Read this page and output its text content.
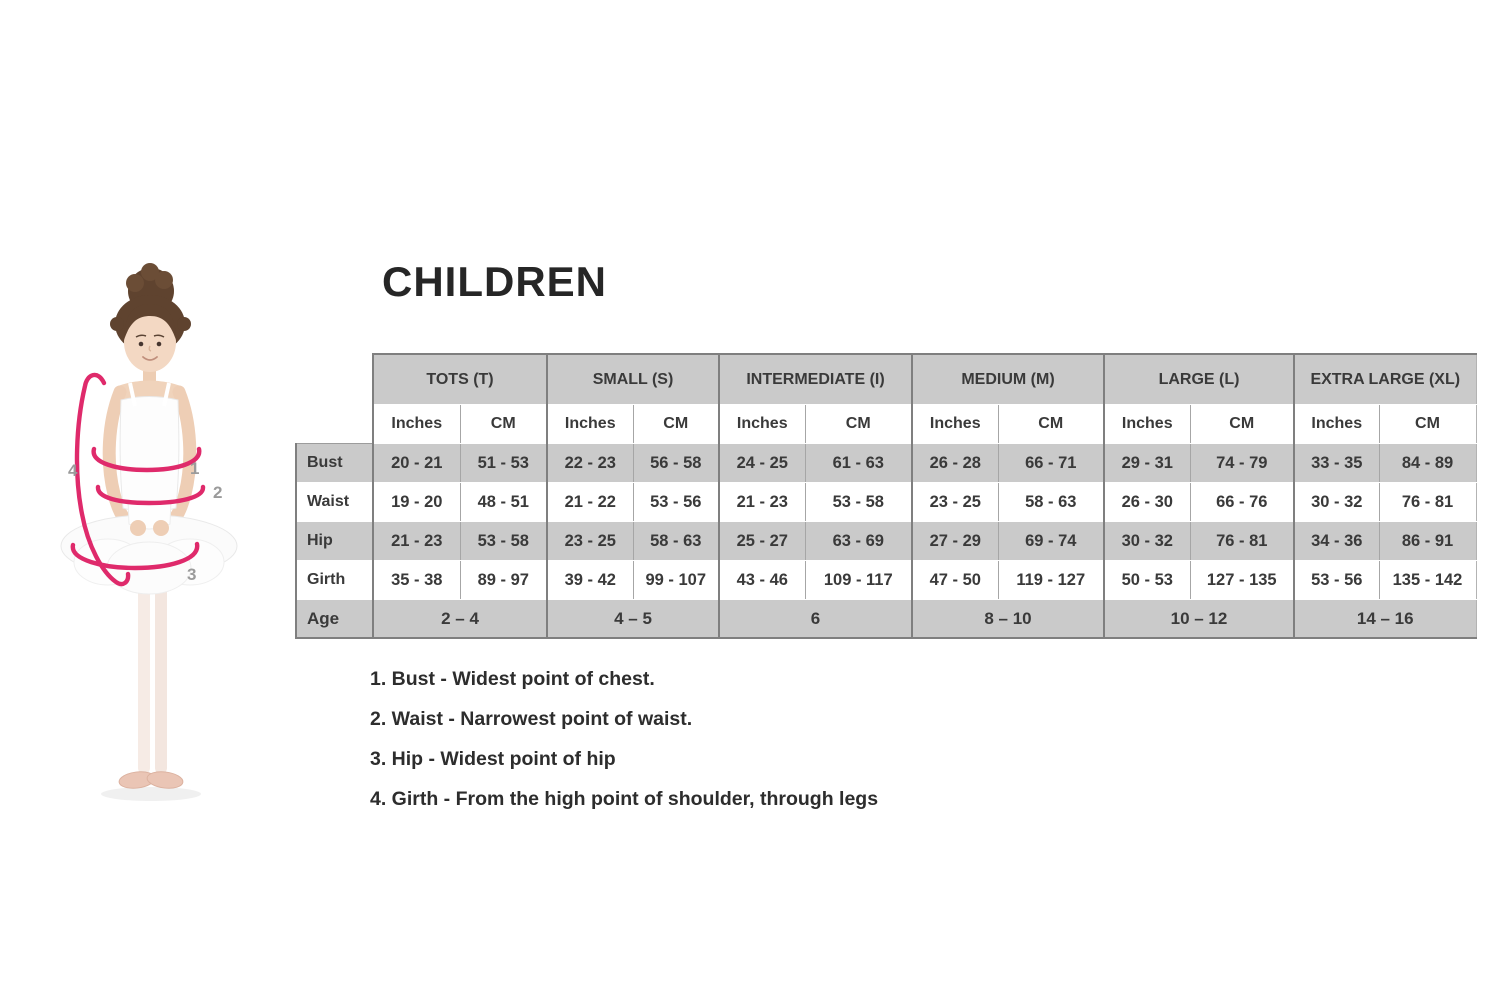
1
2
3
4
CHILDREN
	TOTS (T)		SMALL (S)		INTERMEDIATE (I)		MEDIUM (M)		LARGE (L)		EXTRA LARGE (XL)	
	Inches	CM	Inches	CM	Inches	CM	Inches	CM	Inches	CM	Inches	CM
Bust	20 - 21	51 - 53	22 - 23	56 - 58	24 - 25	61 - 63	26 - 28	66 - 71	29 - 31	74 - 79	33 - 35	84 - 89
Waist	19 - 20	48 - 51	21 - 22	53 - 56	21 - 23	53 - 58	23 - 25	58 - 63	26 - 30	66 - 76	30 - 32	76 - 81
Hip	21 - 23	53 - 58	23 - 25	58 - 63	25 - 27	63 - 69	27 - 29	69 - 74	30 - 32	76 - 81	34 - 36	86 - 91
Girth	35 - 38	89 - 97	39 - 42	99 - 107	43 - 46	109 - 117	47 - 50	119 - 127	50 - 53	127 - 135	53 - 56	135 - 142
Age	2 – 4		4 – 5		6		8 – 10		10 – 12		14 – 16	
1. Bust - Widest point of chest.
2. Waist - Narrowest point of waist.
3. Hip - Widest point of hip
4. Girth - From the high point of shoulder, through legs
